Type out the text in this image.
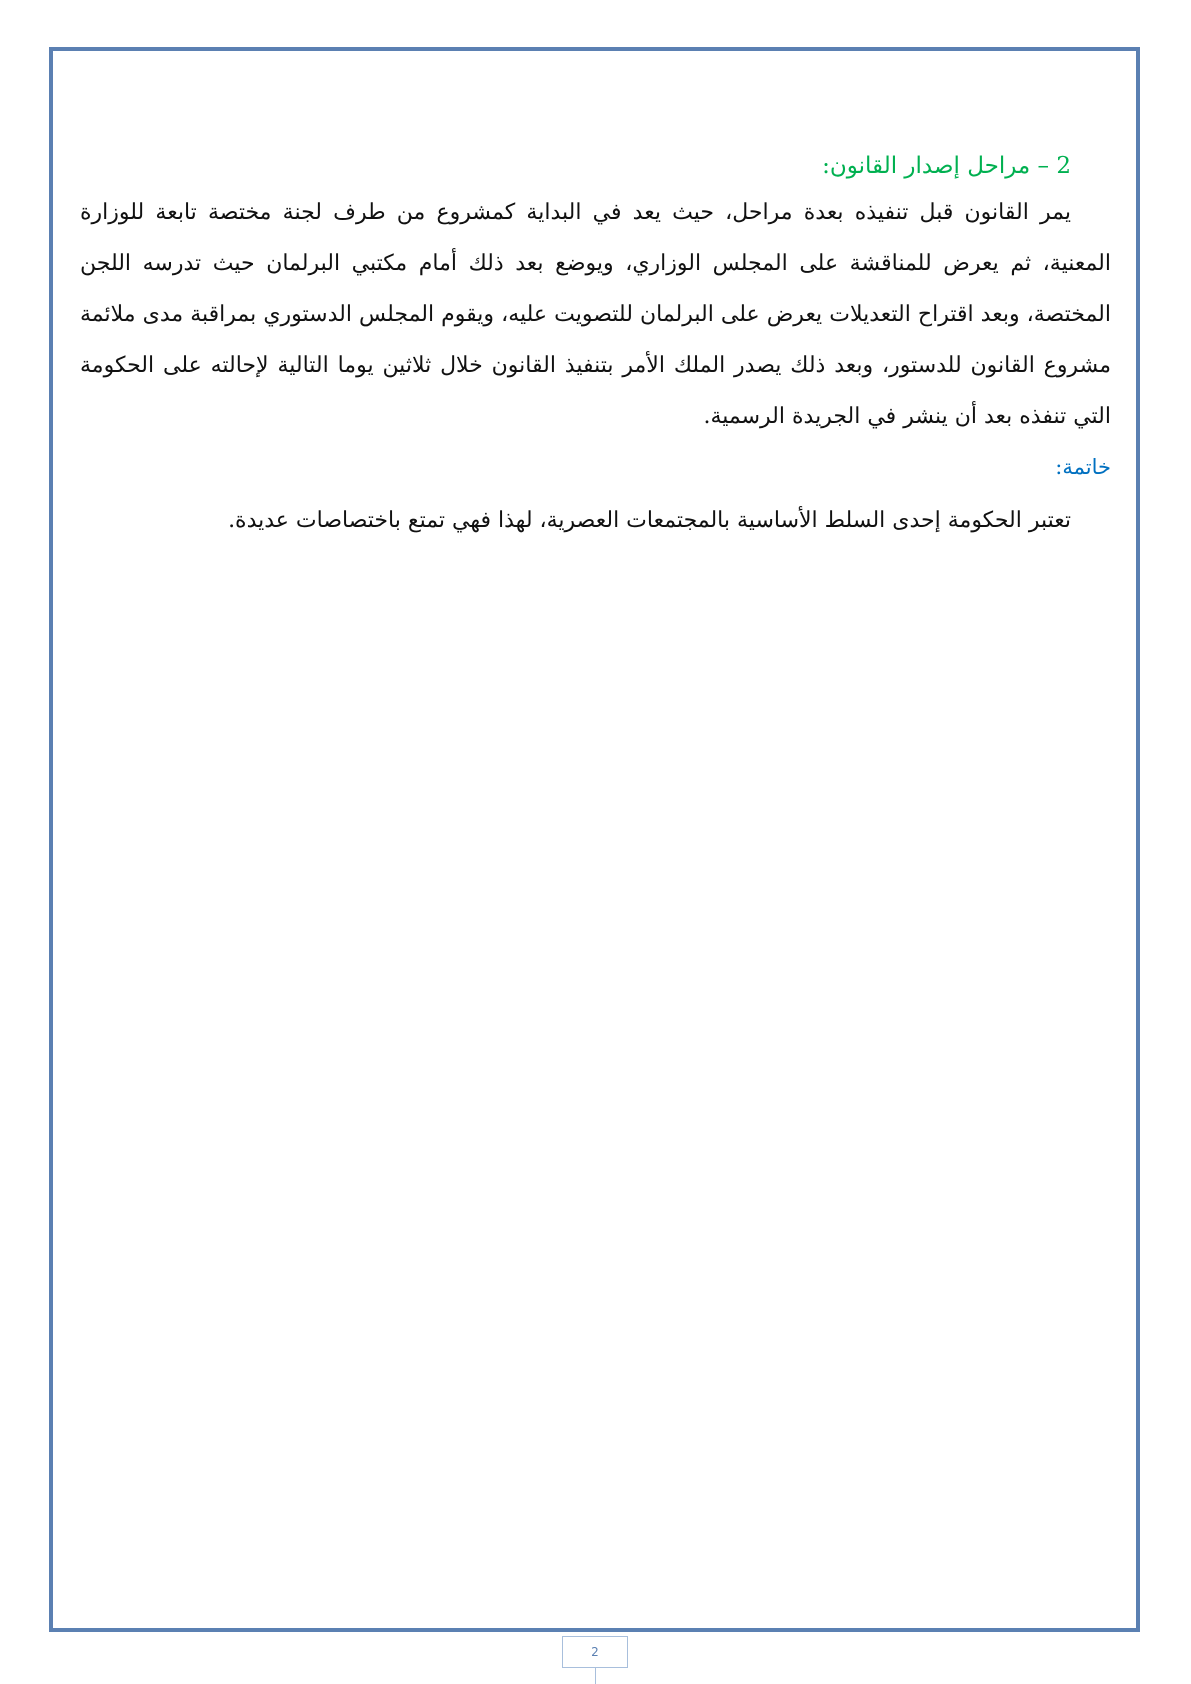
2 – مراحل إصدار القانون:

يمر القانون قبل تنفيذه بعدة مراحل، حيث يعد في البداية كمشروع من طرف لجنة مختصة تابعة للوزارة المعنية، ثم يعرض للمناقشة على المجلس الوزاري، ويوضع بعد ذلك أمام مكتبي البرلمان حيث تدرسه اللجن المختصة، وبعد اقتراح التعديلات يعرض على البرلمان للتصويت عليه، ويقوم المجلس الدستوري بمراقبة مدى ملائمة مشروع القانون للدستور، وبعد ذلك يصدر الملك الأمر بتنفيذ القانون خلال ثلاثين يوما التالية لإحالته على الحكومة التي تنفذه بعد أن ينشر في الجريدة الرسمية.

خاتمة:
تعتبر الحكومة إحدى السلط الأساسية بالمجتمعات العصرية، لهذا فهي تمتع باختصاصات عديدة.
2
